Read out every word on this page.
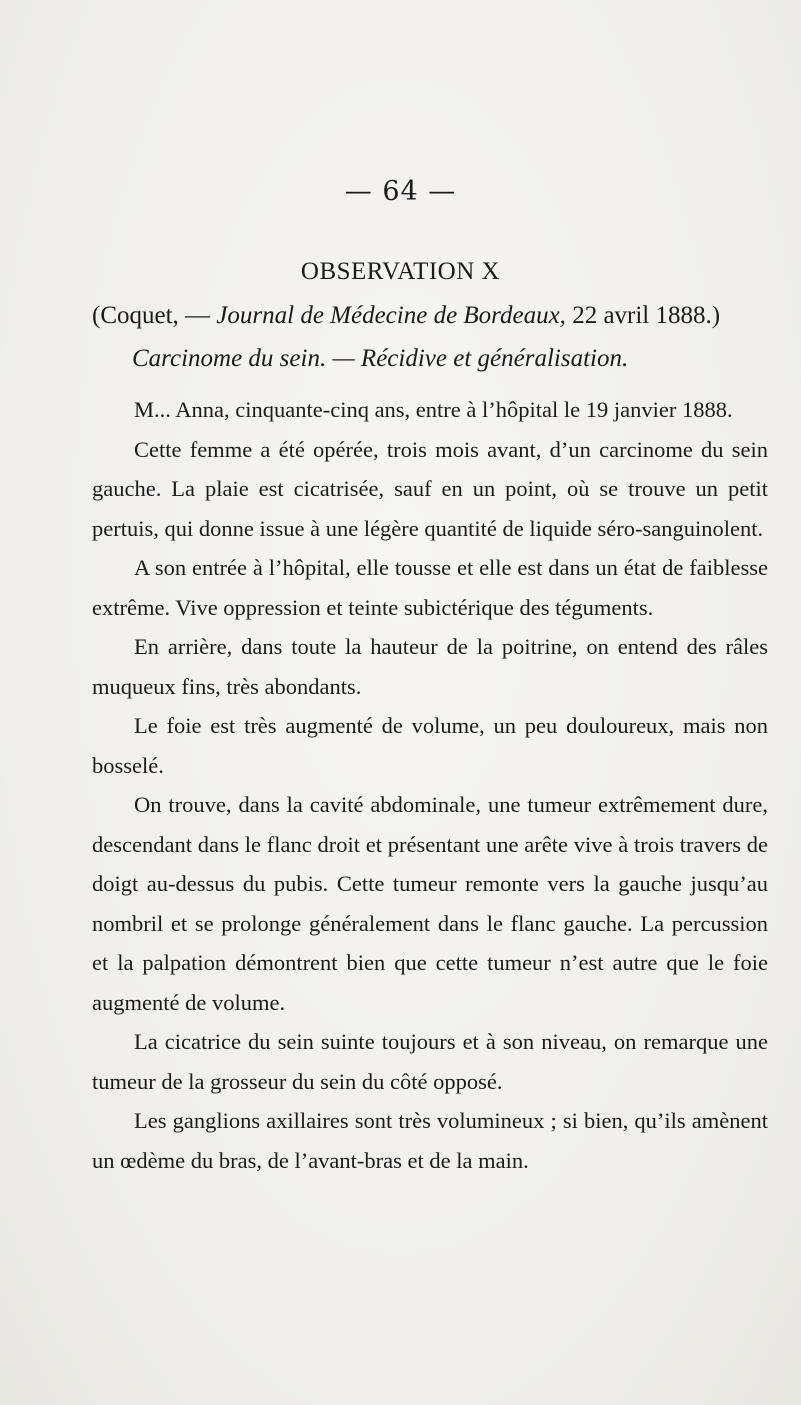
— 64 —
OBSERVATION X
(Coquet, — Journal de Médecine de Bordeaux, 22 avril 1888.)
Carcinome du sein. — Récidive et généralisation.

M... Anna, cinquante-cinq ans, entre à l’hôpital le 19 janvier 1888.

Cette femme a été opérée, trois mois avant, d’un carcinome du sein gauche. La plaie est cicatrisée, sauf en un point, où se trouve un petit pertuis, qui donne issue à une légère quantité de liquide séro-sanguinolent.

A son entrée à l’hôpital, elle tousse et elle est dans un état de faiblesse extrême. Vive oppression et teinte subictérique des téguments.

En arrière, dans toute la hauteur de la poitrine, on entend des râles muqueux fins, très abondants.

Le foie est très augmenté de volume, un peu douloureux, mais non bosselé.

On trouve, dans la cavité abdominale, une tumeur extrêmement dure, descendant dans le flanc droit et présentant une arête vive à trois travers de doigt au-dessus du pubis. Cette tumeur remonte vers la gauche jusqu’au nombril et se prolonge généralement dans le flanc gauche. La percussion et la palpation démontrent bien que cette tumeur n’est autre que le foie augmenté de volume.

La cicatrice du sein suinte toujours et à son niveau, on remarque une tumeur de la grosseur du sein du côté opposé.

Les ganglions axillaires sont très volumineux ; si bien, qu’ils amènent un œdème du bras, de l’avant-bras et de la main.
